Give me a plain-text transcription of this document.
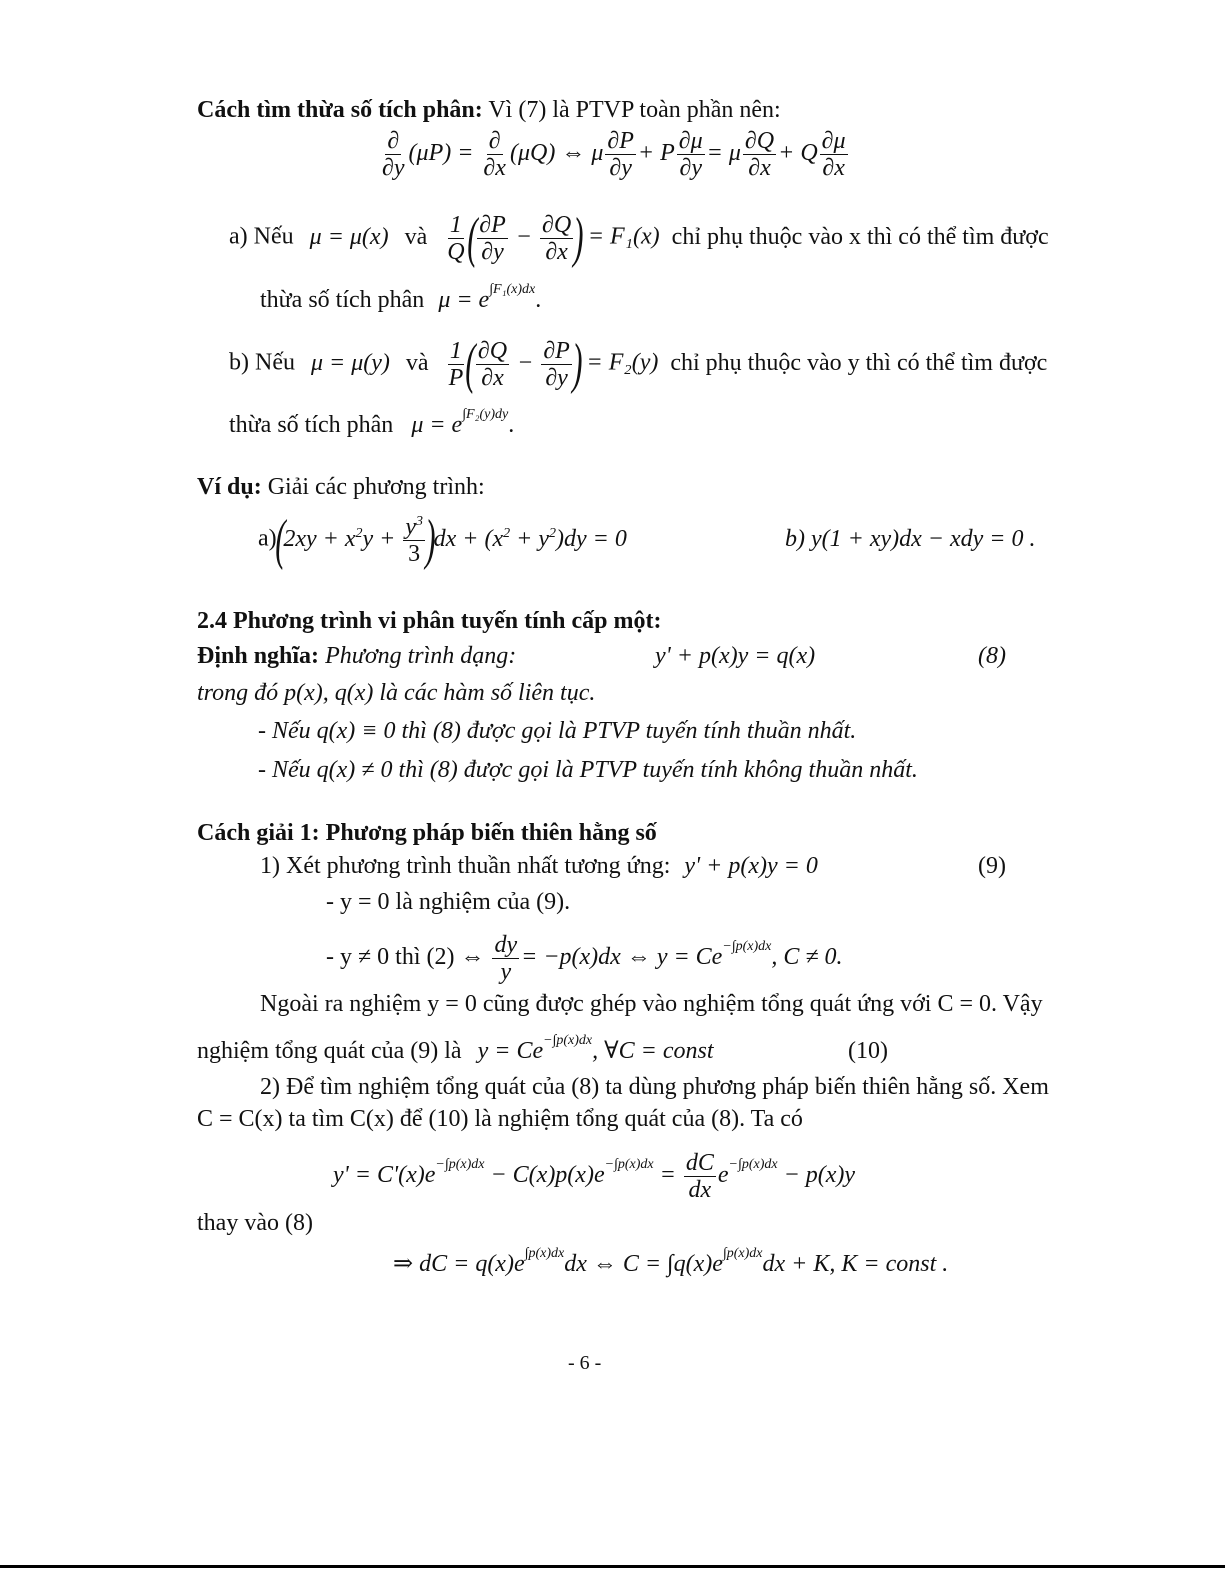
Cách tìm thừa số tích phân: Vì (7) là PTVP toàn phần nên:
$\frac{\partial}{\partial y} (\mu P) = \frac{\partial}{\partial x} (\mu Q)$ ⇔ μ $\frac{\partial P}{\partial y} + P \frac{\partial\mu}{\partial y} = \mu \frac{\partial Q}{\partial x} + Q \frac{\partial\mu}{\partial x}$
a) Nếu μ = μ(x) và $\frac{1}{Q}$ ( $\frac{\partial P}{\partial y} - \frac{\partial Q}{\partial x}$ ) = F₁(x) chỉ phụ thuộc vào x thì có thể tìm được
thừa số tích phân $\mu = e^{\int F_1(x)dx}$.
b) Nếu μ = μ(y) và $\frac{1}{P}$ ( $\frac{\partial Q}{\partial x} - \frac{\partial P}{\partial y}$ ) = F₂(y) chỉ phụ thuộc vào y thì có thể tìm được
thừa số tích phân $\mu = e^{\int F_2(y)dy}$.
Ví dụ: Giải các phương trình:
$a)(2xy + x^2y + \frac{y^3}{3} )dx + (x^2 + y^2)dy = 0$	b) y(1 + xy)dx − xdy = 0 .
2.4 Phương trình vi phân tuyến tính cấp một:
Định nghĩa: Phương trình dạng:	y' + p(x)y = q(x)	(8)
trong đó p(x), q(x) là các hàm số liên tục.
- Nếu q(x) ≡ 0 thì (8) được gọi là PTVP tuyến tính thuần nhất.
- Nếu q(x) ≠ 0 thì (8) được gọi là PTVP tuyến tính không thuần nhất.
Cách giải 1: Phương pháp biến thiên hằng số
1) Xét phương trình thuần nhất tương ứng: y' + p(x)y = 0	(9)
- y = 0 là nghiệm của (9).
- y ≠ 0 thì (2) ⇔ $\frac{dy}{y} = -p(x)dx$ ⇔ $y = Ce^{-\int p(x)dx}$, C ≠ 0.
Ngoài ra nghiệm y = 0 cũng được ghép vào nghiệm tổng quát ứng với C = 0. Vậy
nghiệm tổng quát của (9) là $y = Ce^{-\int p(x)dx}$, ∀C = const	(10)
2) Để tìm nghiệm tổng quát của (8) ta dùng phương pháp biến thiên hằng số. Xem
C = C(x) ta tìm C(x) để (10) là nghiệm tổng quát của (8). Ta có
$y' = C'(x)e^{-\int p(x)dx} - C(x)p(x)e^{-\int p(x)dx} = \frac{dC}{dx} e^{-\int p(x)dx} - p(x)y$
thay vào (8)
⇒ dC = $q(x)e^{\int p(x)dx}dx$ ⇔ $C = \int q(x)e^{\int p(x)dx}dx + K$, K = const .
- 6 -
